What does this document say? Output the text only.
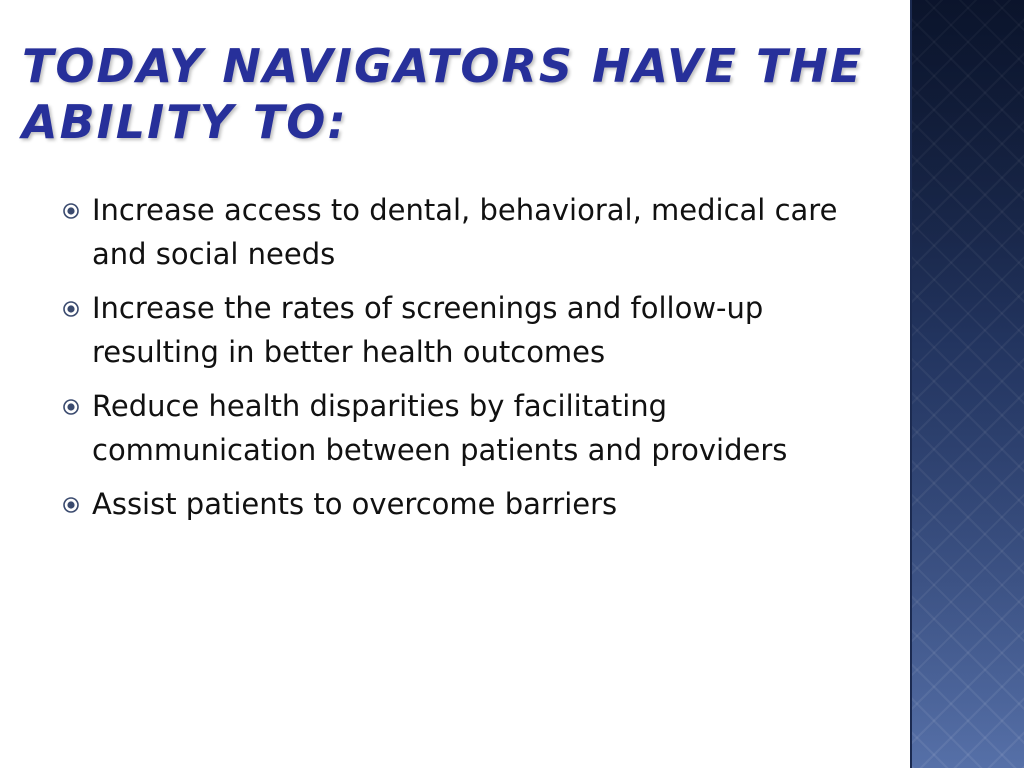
TODAY NAVIGATORS HAVE THE ABILITY TO:
Increase access to dental, behavioral, medical care and social needs
Increase the rates of screenings and follow-up resulting in better health outcomes
Reduce health disparities by facilitating communication between patients and providers
Assist patients to overcome barriers
